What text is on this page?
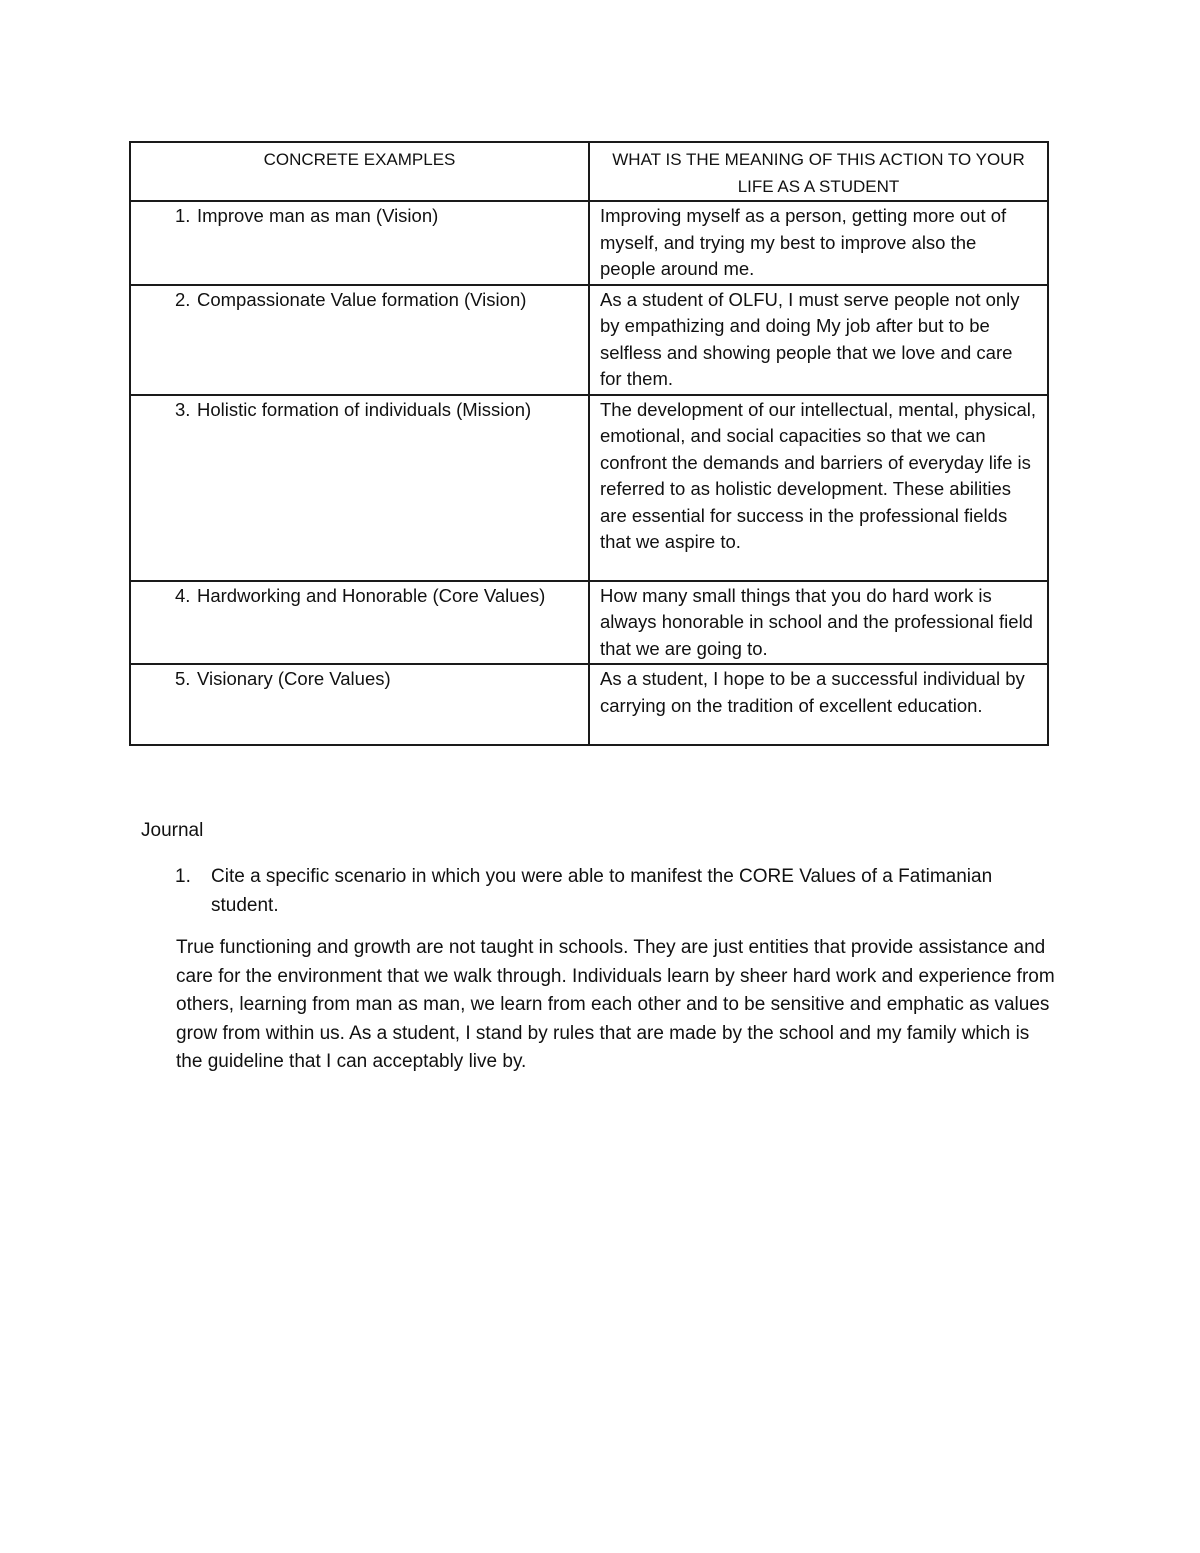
CONCRETE EXAMPLES	WHAT IS THE MEANING OF THIS ACTION TO YOUR LIFE AS A STUDENT

1. Improve man as man (Vision)	Improving myself as a person, getting more out of myself, and trying my best to improve also the people around me.

2. Compassionate Value formation (Vision)	As a student of OLFU, I must serve people not only by empathizing and doing My job after but to be selfless and showing people that we love and care for them.

3. Holistic formation of individuals (Mission)	The development of our intellectual, mental, physical, emotional, and social capacities so that we can confront the demands and barriers of everyday life is referred to as holistic development. These abilities are essential for success in the professional fields that we aspire to.

4. Hardworking and Honorable (Core Values)	How many small things that you do hard work is always honorable in school and the professional field that we are going to.

5. Visionary (Core Values)	As a student, I hope to be a successful individual by carrying on the tradition of excellent education.
Journal
1.	Cite a specific scenario in which you were able to manifest the CORE Values of a Fatimanian student.
True functioning and growth are not taught in schools. They are just entities that provide assistance and care for the environment that we walk through. Individuals learn by sheer hard work and experience from others, learning from man as man, we learn from each other and to be sensitive and emphatic as values grow from within us. As a student, I stand by rules that are made by the school and my family which is the guideline that I can acceptably live by.
